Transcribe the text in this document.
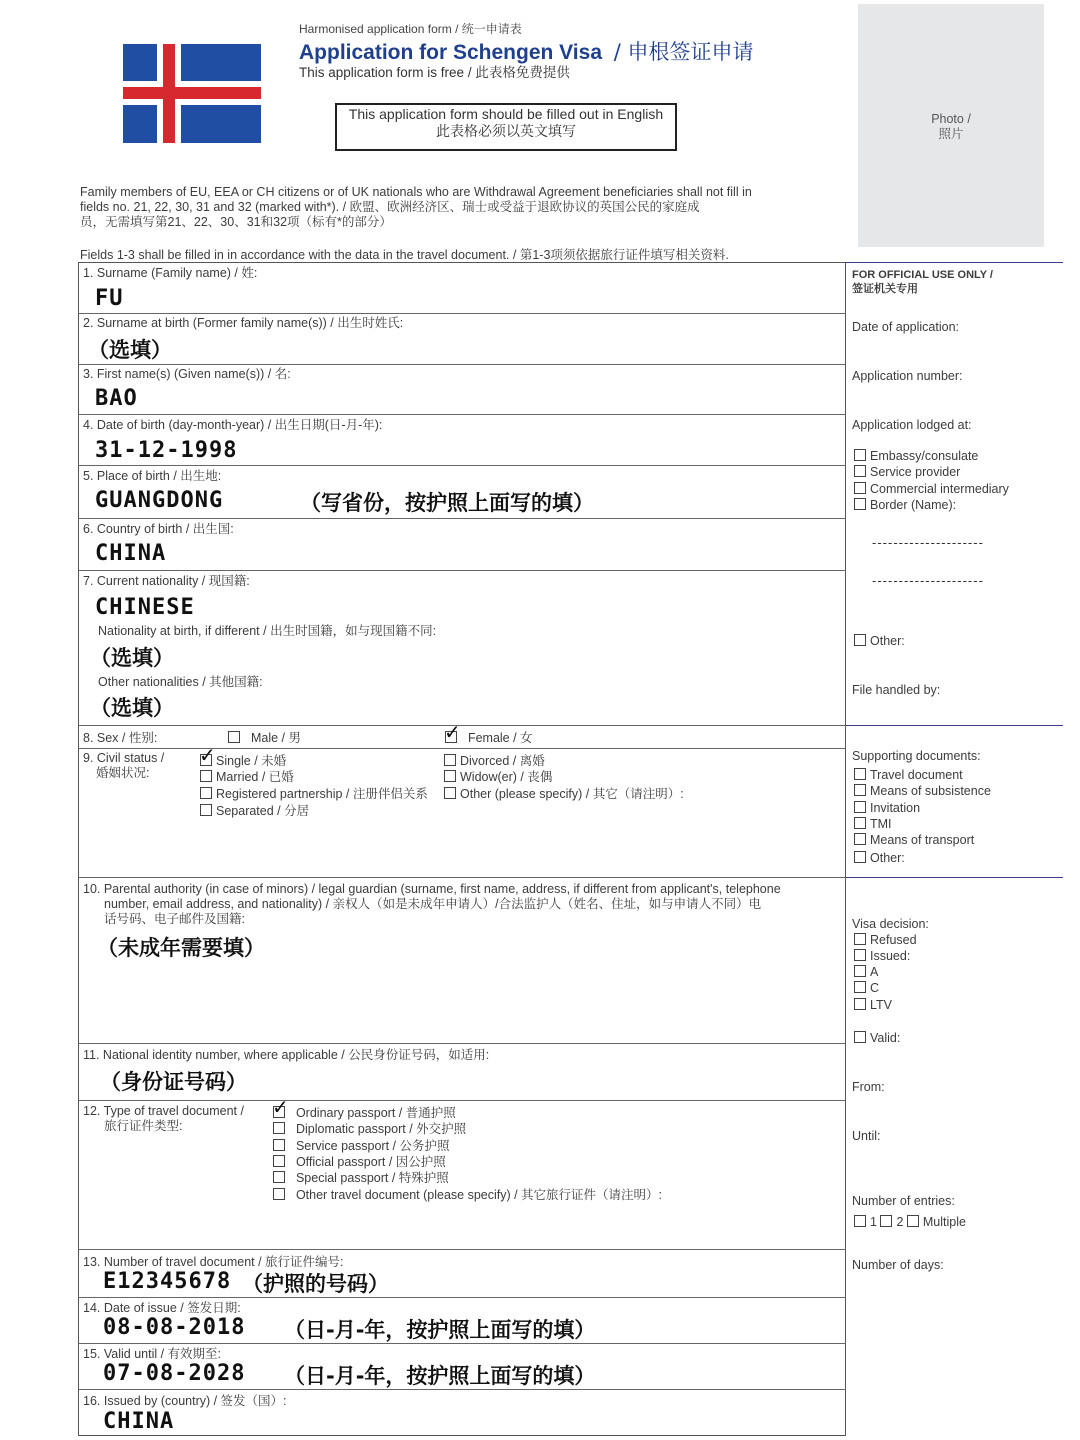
Harmonised application form / 统一申请表
Application for Schengen Visa / 申根签证申请
This application form is free / 此表格免费提供
This application form should be filled out in English
此表格必须以英文填写
Photo /
照片
Family members of EU, EEA or CH citizens or of UK nationals who are Withdrawal Agreement beneficiaries shall not fill in
fields no. 21, 22, 30, 31 and 32 (marked with*). / 欧盟、欧洲经济区、瑞士或受益于退欧协议的英国公民的家庭成
员，无需填写第21、22、30、31和32项（标有*的部分）
Fields 1-3 shall be filled in in accordance with the data in the travel document. / 第1-3项须依据旅行证件填写相关资料.
1. Surname (Family name) / 姓:
FU
2. Surname at birth (Former family name(s)) / 出生时姓氏:
（选填）
3. First name(s) (Given name(s)) / 名:
BAO
4. Date of birth (day-month-year) / 出生日期(日-月-年):
31-12-1998
5. Place of birth / 出生地:
GUANGDONG	（写省份，按护照上面写的填）
6. Country of birth / 出生国:
CHINA
7. Current nationality / 现国籍:
CHINESE
Nationality at birth, if different / 出生时国籍，如与现国籍不同:
（选填）
Other nationalities / 其他国籍:
（选填）
8. Sex / 性别:	Male / 男	✓ Female / 女
9. Civil status /
婚姻状况:
✓ Single / 未婚
Married / 已婚
Registered partnership / 注册伴侣关系
Separated / 分居
Divorced / 离婚
Widow(er) / 丧偶
Other (please specify) / 其它（请注明）:
10. Parental authority (in case of minors) / legal guardian (surname, first name, address, if different from applicant's, telephone
number, email address, and nationality) / 亲权人（如是未成年申请人）/合法监护人（姓名、住址，如与申请人不同）电
话号码、电子邮件及国籍:
（未成年需要填）
11. National identity number, where applicable / 公民身份证号码，如适用:
（身份证号码）
12. Type of travel document /
旅行证件类型:
✓ Ordinary passport / 普通护照
Diplomatic passport / 外交护照
Service passport / 公务护照
Official passport / 因公护照
Special passport / 特殊护照
Other travel document (please specify) / 其它旅行证件（请注明）:
13. Number of travel document / 旅行证件编号:
E12345678 （护照的号码）
14. Date of issue / 签发日期:
08-08-2018 （日-月-年，按护照上面写的填）
15. Valid until / 有效期至:
07-08-2028 （日-月-年，按护照上面写的填）
16. Issued by (country) / 签发（国）:
CHINA
FOR OFFICIAL USE ONLY /
签证机关专用
Date of application:
Application number:
Application lodged at:
Embassy/consulate
Service provider
Commercial intermediary
Border (Name):
---------------------
---------------------
Other:
File handled by:
Supporting documents:
Travel document
Means of subsistence
Invitation
TMI
Means of transport
Other:
Visa decision:
Refused
Issued:
A
C
LTV
Valid:
From:
Until:
Number of entries:
1 2 Multiple
Number of days:
